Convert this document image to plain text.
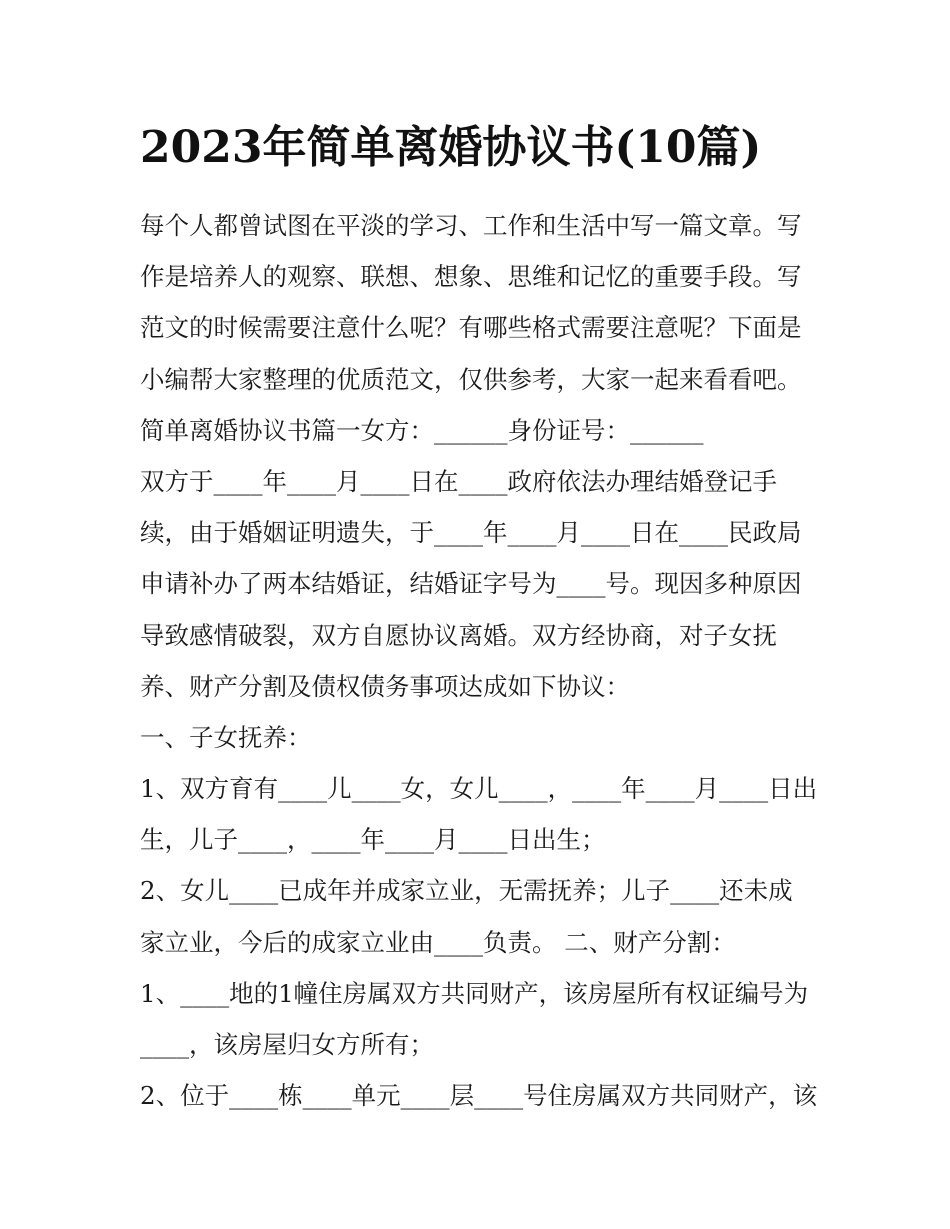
2023年简单离婚协议书(10篇)

每个人都曾试图在平淡的学习、工作和生活中写一篇文章。写

作是培养人的观察、联想、想象、思维和记忆的重要手段。写

范文的时候需要注意什么呢？有哪些格式需要注意呢？下面是

小编帮大家整理的优质范文，仅供参考，大家一起来看看吧。

简单离婚协议书篇一女方：______身份证号：______

双方于____年____月____日在____政府依法办理结婚登记手

续，由于婚姻证明遗失，于____年____月____日在____民政局

申请补办了两本结婚证，结婚证字号为____号。现因多种原因

导致感情破裂，双方自愿协议离婚。双方经协商，对子女抚

养、财产分割及债权债务事项达成如下协议：

一、子女抚养：

1、双方育有____儿____女，女儿____，____年____月____日出

生，儿子____，____年____月____日出生；

2、女儿____已成年并成家立业，无需抚养；儿子____还未成

家立业，今后的成家立业由____负责。 二、财产分割：

1、____地的1幢住房属双方共同财产，该房屋所有权证编号为

____，该房屋归女方所有；

2、位于____栋____单元____层____号住房属双方共同财产，该
